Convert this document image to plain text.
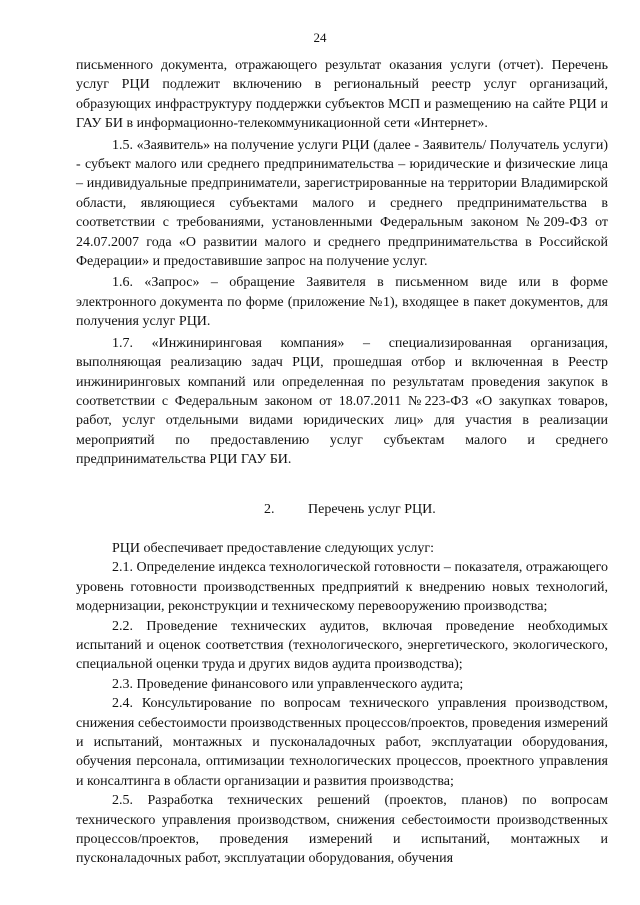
24

письменного документа, отражающего результат оказания услуги (отчет). Перечень услуг РЦИ подлежит включению в региональный реестр услуг организаций, образующих инфраструктуру поддержки субъектов МСП и размещению на сайте РЦИ и ГАУ БИ в информационно-телекоммуникационной сети «Интернет».

1.5. «Заявитель» на получение услуги РЦИ (далее - Заявитель/ Получатель услуги) - субъект малого или среднего предпринимательства – юридические и физические лица – индивидуальные предприниматели, зарегистрированные на территории Владимирской области, являющиеся субъектами малого и среднего предпринимательства в соответствии с требованиями, установленными Федеральным законом №209-ФЗ от 24.07.2007 года «О развитии малого и среднего предпринимательства в Российской Федерации» и предоставившие запрос на получение услуг.

1.6. «Запрос» – обращение Заявителя в письменном виде или в форме электронного документа по форме (приложение №1), входящее в пакет документов, для получения услуг РЦИ.

1.7. «Инжиниринговая компания» – специализированная организация, выполняющая реализацию задач РЦИ, прошедшая отбор и включенная в Реестр инжиниринговых компаний или определенная по результатам проведения закупок в соответствии с Федеральным законом от 18.07.2011 №223-ФЗ «О закупках товаров, работ, услуг отдельными видами юридических лиц» для участия в реализации мероприятий по предоставлению услуг субъектам малого и среднего предпринимательства РЦИ ГАУ БИ.

2. Перечень услуг РЦИ.

РЦИ обеспечивает предоставление следующих услуг:

2.1. Определение индекса технологической готовности – показателя, отражающего уровень готовности производственных предприятий к внедрению новых технологий, модернизации, реконструкции и техническому перевооружению производства;

2.2. Проведение технических аудитов, включая проведение необходимых испытаний и оценок соответствия (технологического, энергетического, экологического, специальной оценки труда и других видов аудита производства);

2.3. Проведение финансового или управленческого аудита;

2.4. Консультирование по вопросам технического управления производством, снижения себестоимости производственных процессов/проектов, проведения измерений и испытаний, монтажных и пусконаладочных работ, эксплуатации оборудования, обучения персонала, оптимизации технологических процессов, проектного управления и консалтинга в области организации и развития производства;

2.5. Разработка технических решений (проектов, планов) по вопросам технического управления производством, снижения себестоимости производственных процессов/проектов, проведения измерений и испытаний, монтажных и пусконаладочных работ, эксплуатации оборудования, обучения
